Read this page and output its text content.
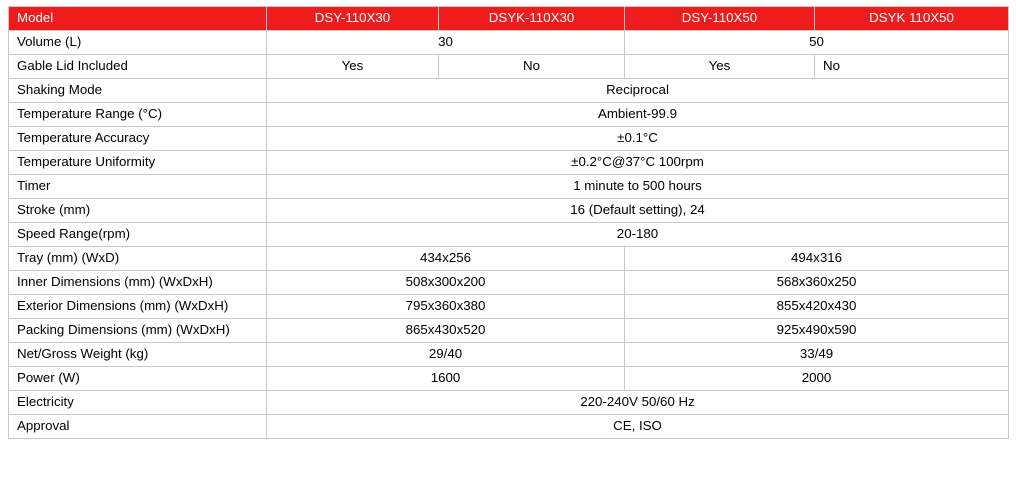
Model	DSY-110X30	DSYK-110X30	DSY-110X50	DSYK 110X50
Volume (L)	30		50	
Gable Lid Included	Yes	No	Yes	No
Shaking Mode	Reciprocal			
Temperature Range (°C)	Ambient-99.9			
Temperature Accuracy	±0.1°C			
Temperature Uniformity	±0.2°C@37°C 100rpm			
Timer	1 minute to 500 hours			
Stroke (mm)	16 (Default setting), 24			
Speed Range(rpm)	20-180			
Tray (mm) (WxD)	434x256		494x316	
Inner Dimensions (mm) (WxDxH)	508x300x200		568x360x250	
Exterior Dimensions (mm) (WxDxH)	795x360x380		855x420x430	
Packing Dimensions (mm) (WxDxH)	865x430x520		925x490x590	
Net/Gross Weight (kg)	29/40		33/49	
Power (W)	1600		2000	
Electricity	220-240V 50/60 Hz			
Approval	CE, ISO			
